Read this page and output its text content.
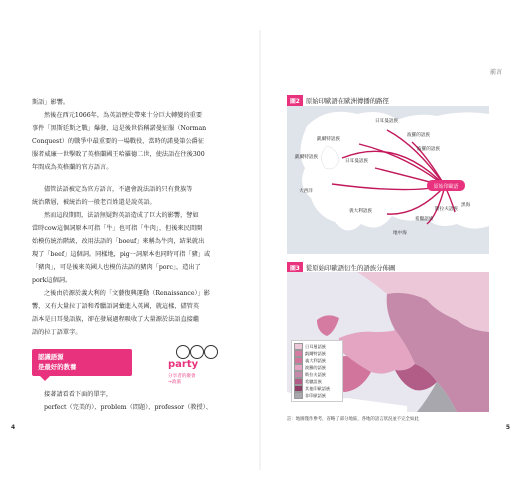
斯語」影響。

然後在西元1066年，為英語歷史帶來十分巨大轉變的重要

事件「黑斯廷斯之戰」爆發，這是後世俗稱諾曼征服（Norman

Conquest）的戰爭中最重要的一場戰役，當時的諾曼第公爵征

服者威廉一世擊敗了英格蘭國王哈羅德二世，使法語在往後300

年間成為英格蘭的官方語言。

儘管法語被定為官方語言，不過會說法語的只有貴族等

統治階層，被統治的一般老百姓還是說英語。

然而這段期間，法語無疑對英語造成了巨大的影響，譬如

當時cow這個詞原本可指「牛」也可指「牛肉」，但後來民間開

始模仿統治階級，改用法語的「boeuf」來稱為牛肉，結果就出

現了「beef」這個詞。同樣地，pig一詞原本也同時可指「豬」或

「豬肉」，可是後來英國人也模仿法語的豬肉「porc」，造出了

pork這個詞。

之後由於源於義大利的「文藝復興運動（Renaissance）」影

響，又有大量拉丁語和希臘語詞彙進入英國，就這樣，儘管英

語本是日耳曼語族，卻在發展過程吸收了大量源於法語直接繼

語的拉丁語單字。

認識語源
是最好的教養	party
分享者的聚會
→政黨

接著請看看下面的單字，

perfect（完美的）、problem（問題）、professor（教授）、

4
前言
圖2 原始印歐語在歐洲傳播的路徑
原始印歐語
日耳曼語族
凱爾特語族
波羅的語族
凱爾特語族
日耳曼語族
波羅的語族
大西洋
義大利語族
希臘語族
斯拉夫語族
黑海
地中海
圖3 從原始印歐語衍生的語族分佈圖
日耳曼語族
凱爾特語族
義大利語族
波羅的語族
斯拉夫語族
希臘語族
其他印歐語族
非印歐語族
註：地圖僅作參考，省略了部分地區，各地的語言狀況並不完全如此
5
